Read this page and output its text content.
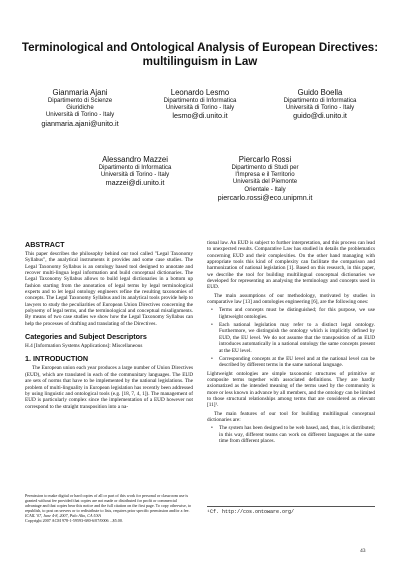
Terminological and Ontological Analysis of European Directives: multilinguism in Law
Gianmaria Ajani
Dipartimento di Scienze
Giuridiche
Università di Torino - Italy
gianmaria.ajani@unito.it
Leonardo Lesmo
Dipartimento di Informatica
Università di Torino - Italy
lesmo@di.unito.it
Guido Boella
Dipartimento di Informatica
Università di Torino - Italy
guido@di.unito.it
Alessandro Mazzei
Dipartimento di Informatica
Università di Torino - Italy
mazzei@di.unito.it
Piercarlo Rossi
Dipartimento di Studi per
l'Impresa e il Territorio
Università del Piemonte
Orientale - Italy
piercarlo.rossi@eco.unipmn.it
ABSTRACT

This paper describes the philosophy behind our tool called "Legal Taxonomy Syllabus", the analytical instruments it provides and some case studies. The Legal Taxonomy Syllabus is an ontology based tool designed to annotate and recover multi-lingua legal information and build conceptual dictionaries. The Legal Taxonomy Syllabus allows to build legal dictionaries in a bottom up fashion starting from the annotation of legal terms by legal terminological experts and to let legal ontology engineers refine the resulting taxonomies of concepts. The Legal Taxonomy Syllabus and its analytical tools provide help to lawyers to study the peculiarities of European Union Directives concerning the polysemy of legal terms, and the terminological and conceptual misalignments. By means of two case studies we show how the Legal Taxonomy Syllabus can help the processes of drafting and translating of the Directives.

Categories and Subject Descriptors

H.4 [Information Systems Applications]: Miscellaneous

1. INTRODUCTION

The European union each year produces a large number of Union Directives (EUD), which are translated in each of the communitary languages. The EUD are sets of norms that have to be implemented by the national legislations. The problem of multi-linguality in European legislation has recently been addressed by using linguistic and ontological tools (e.g. [18, 7, 4, 1]). The management of EUD is particularly complex since the implementation of a EUD however not correspond to the straight transposition into a na-

Permission to make digital or hard copies of all or part of this work for personal or classroom use is granted without fee provided that copies are not made or distributed for profit or commercial advantage and that copies bear this notice and the full citation on the first page. To copy otherwise, to republish, to post on servers or to redistribute to lists, requires prior specific permission and/or a fee.
ICAIL '07, June 4-8, 2007, Palo Alto, CA USA
Copyright 2007 ACM 978-1-59593-680-6/07/0006 ...$5.00.

tional law. An EUD is subject to further interpretation, and this process can lead to unexpected results. Comparative Law has studied in details the problematics concerning EUD and their complexities. On the other hand managing with appropriate tools this kind of complexity can facilitate the comparison and harmonization of national legislation [1]. Based on this research, in this paper, we describe the tool for building multilingual conceptual dictionaries we developed for representing an analysing the terminology and concepts used in EUD.

The main assumptions of our methodology, motivated by studies in comparative law [13] and ontologies engineering [6], are the following ones:

• Terms and concepts must be distinguished; for this purpose, we use lightweight ontologies.
• Each national legislation may refer to a distinct legal ontology. Furthermore, we distinguish the ontology which is implicitly defined by EUD, the EU level. We do not assume that the transposition of an EUD introduces automatically in a national ontology the same concepts present at the EU level.
• Corresponding concepts at the EU level and at the national level can be described by different terms in the same national language.

Lightweight ontologies are simple taxonomic structures of primitive or composite terms together with associated definitions. They are hardly axiomatized as the intended meaning of the terms used by the community is more or less known in advance by all members, and the ontology can be limited to those structural relationships among terms that are considered as relevant [11]¹.

The main features of our tool for building multilingual conceptual dictionaries are:

• The system has been designed to be web based, and, thus, it is distributed; in this way, different teams can work on different languages at the same time from different places.
¹Cf. http://cos.ontoware.org/
43
